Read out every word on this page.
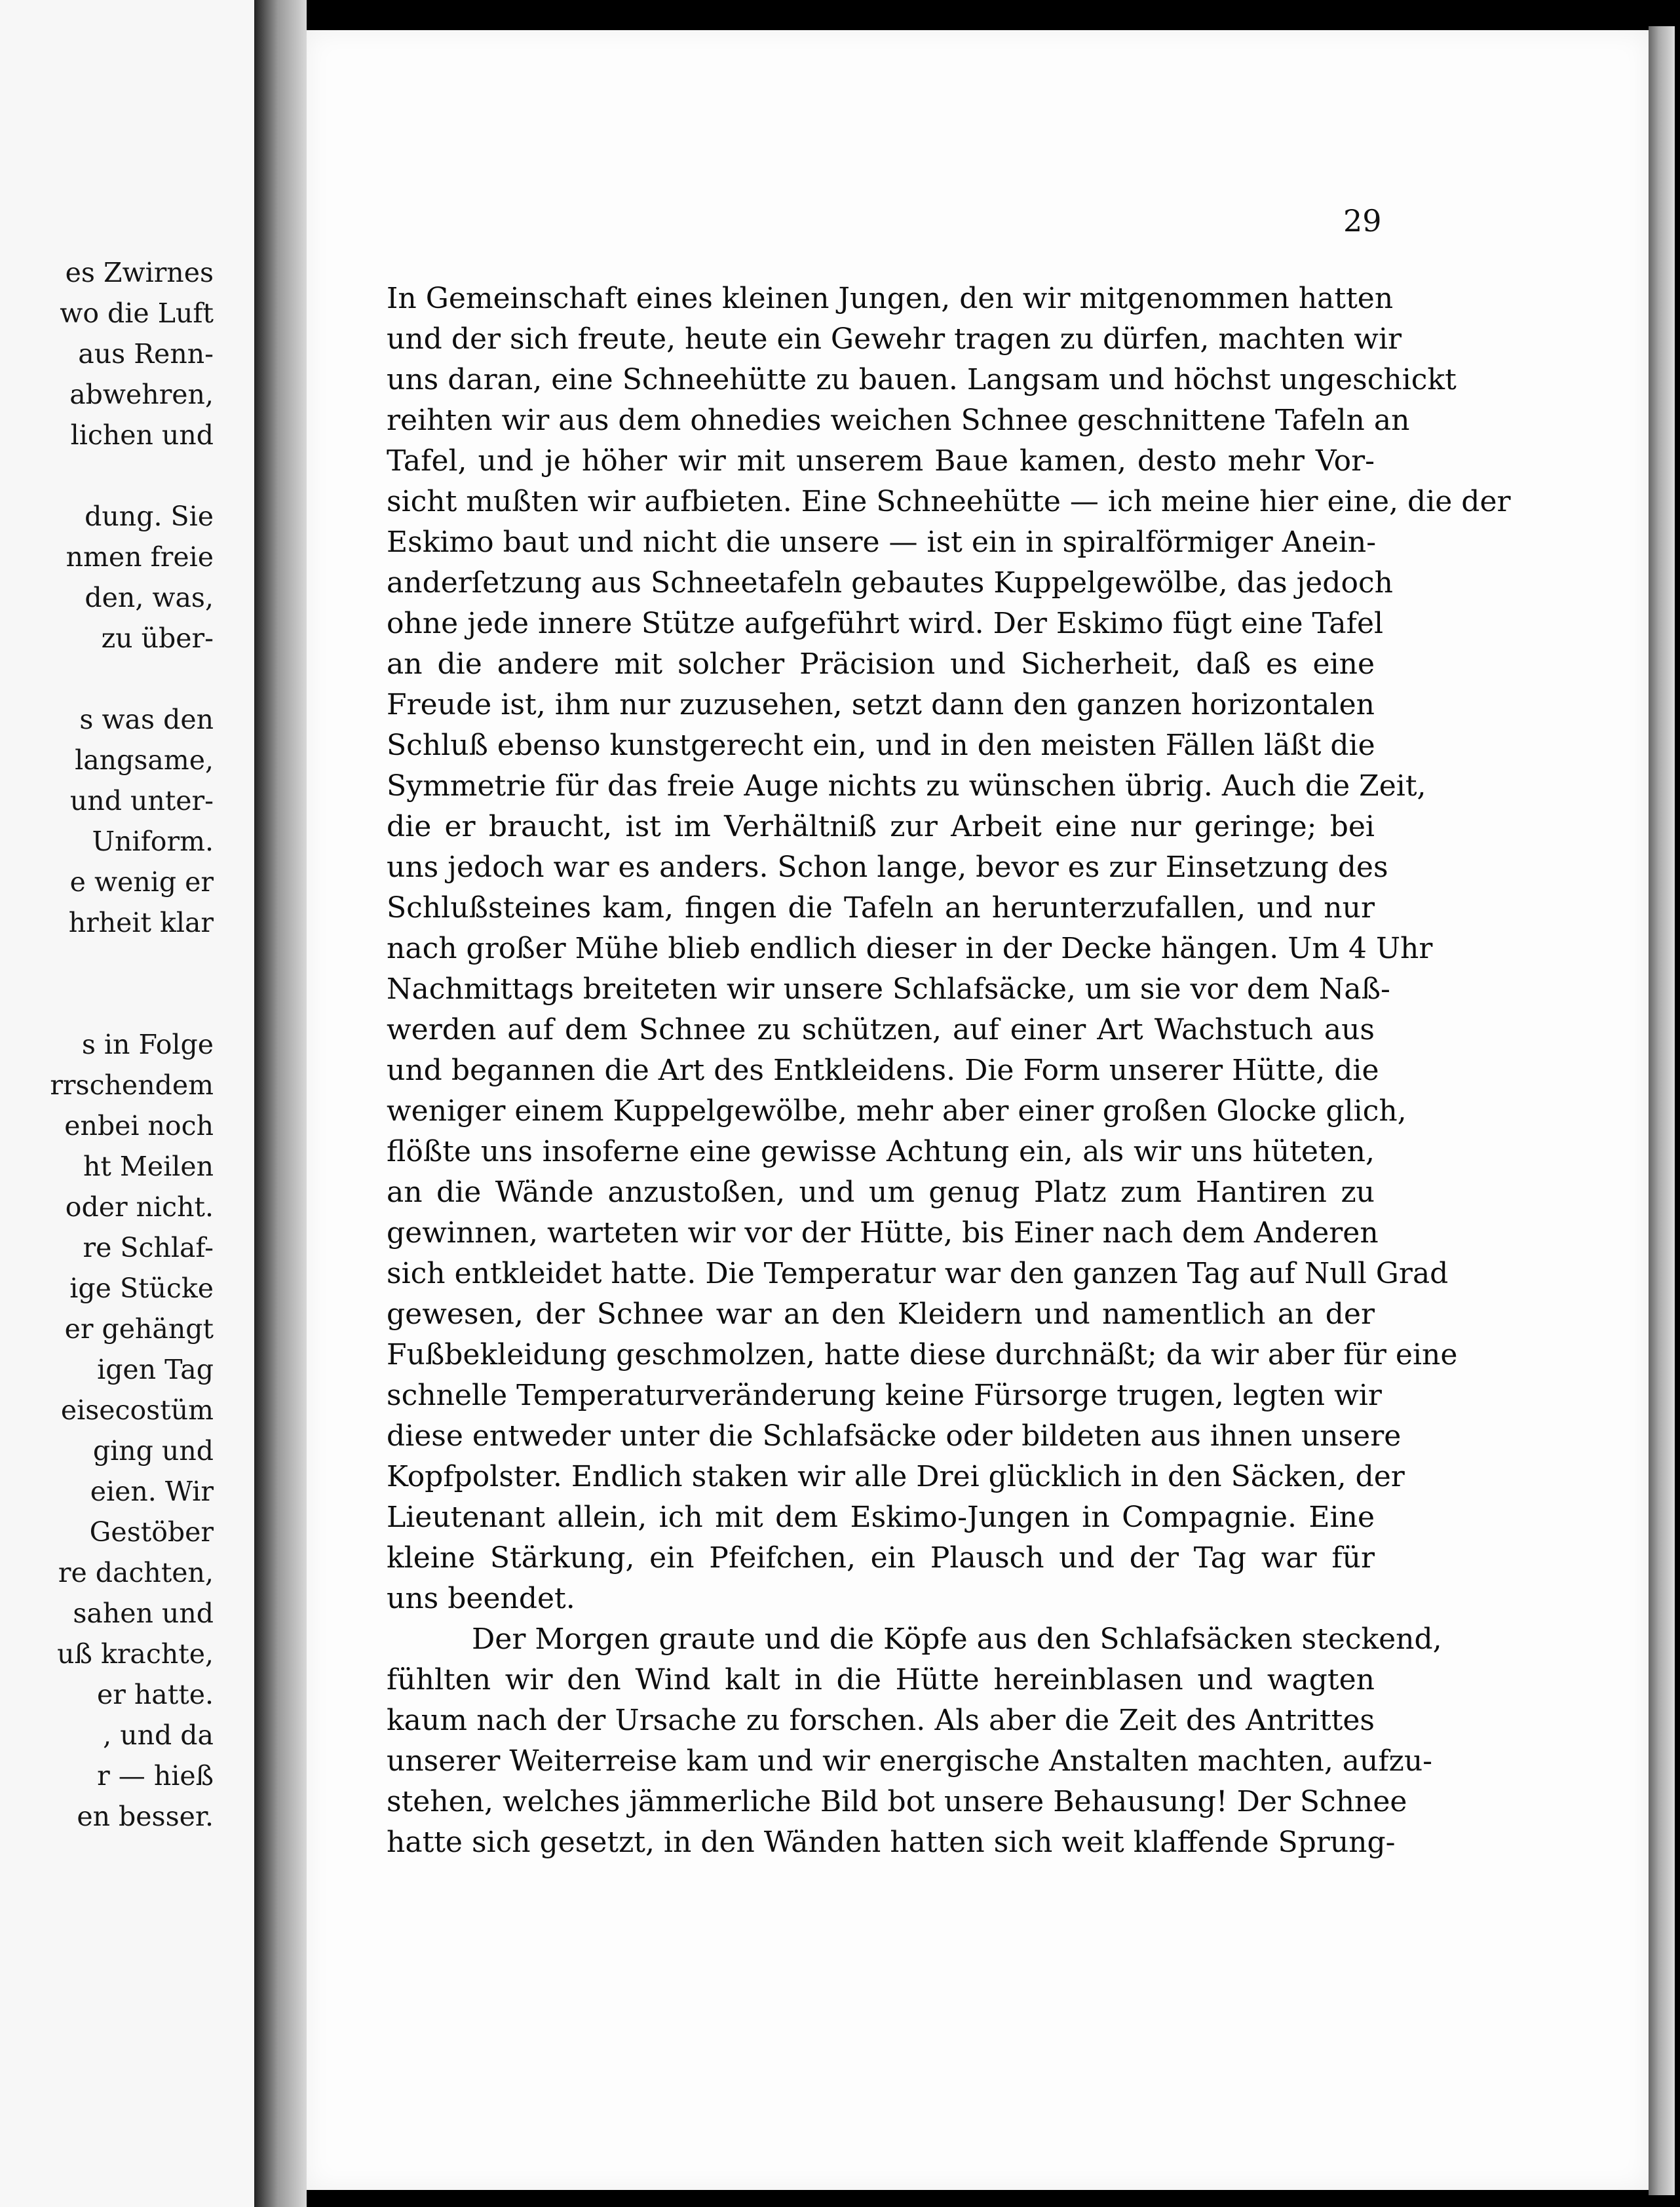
es Zwirnes
wo die Luft
aus Renn-
abwehren,
lichen und
dung. Sie
nmen freie
den, was,
zu über-
s was den
langsame,
und unter-
Uniform.
e wenig er
hrheit klar
s in Folge
rrschendem
enbei noch
ht Meilen
oder nicht.
re Schlaf-
ige Stücke
er gehängt
igen Tag
eisecostüm
ging und
eien. Wir
Gestöber
re dachten,
sahen und
uß krachte,
er hatte.
, und da
r — hieß
en besser.
29
In Gemeinschaft eines kleinen Jungen, den wir mitgenommen hatten
und der sich freute, heute ein Gewehr tragen zu dürfen, machten wir
uns daran, eine Schneehütte zu bauen. Langsam und höchst ungeschickt
reihten wir aus dem ohnedies weichen Schnee geschnittene Tafeln an
Tafel, und je höher wir mit unserem Baue kamen, desto mehr Vor-
sicht mußten wir aufbieten. Eine Schneehütte — ich meine hier eine, die der
Eskimo baut und nicht die unsere — ist ein in spiralförmiger Anein-
anderſetzung aus Schneetafeln gebautes Kuppelgewölbe, das jedoch
ohne jede innere Stütze aufgeführt wird. Der Eskimo fügt eine Tafel
an die andere mit solcher Präcision und Sicherheit, daß es eine
Freude ist, ihm nur zuzusehen, setzt dann den ganzen horizontalen
Schluß ebenso kunstgerecht ein, und in den meisten Fällen läßt die
Symmetrie für das freie Auge nichts zu wünschen übrig. Auch die Zeit,
die er braucht, ist im Verhältniß zur Arbeit eine nur geringe; bei
uns jedoch war es anders. Schon lange, bevor es zur Einsetzung des
Schlußsteines kam, fingen die Tafeln an herunterzufallen, und nur
nach großer Mühe blieb endlich dieser in der Decke hängen. Um 4 Uhr
Nachmittags breiteten wir unsere Schlafsäcke, um sie vor dem Naß-
werden auf dem Schnee zu schützen, auf einer Art Wachstuch aus
und begannen die Art des Entkleidens. Die Form unserer Hütte, die
weniger einem Kuppelgewölbe, mehr aber einer großen Glocke glich,
flößte uns insoferne eine gewisse Achtung ein, als wir uns hüteten,
an die Wände anzustoßen, und um genug Platz zum Hantiren zu
gewinnen, warteten wir vor der Hütte, bis Einer nach dem Anderen
sich entkleidet hatte. Die Temperatur war den ganzen Tag auf Null Grad
gewesen, der Schnee war an den Kleidern und namentlich an der
Fußbekleidung geschmolzen, hatte diese durchnäßt; da wir aber für eine
schnelle Temperaturveränderung keine Fürsorge trugen, legten wir
diese entweder unter die Schlafsäcke oder bildeten aus ihnen unsere
Kopfpolster. Endlich staken wir alle Drei glücklich in den Säcken, der
Lieutenant allein, ich mit dem Eskimo-Jungen in Compagnie. Eine
kleine Stärkung, ein Pfeifchen, ein Plausch und der Tag war für
uns beendet.
Der Morgen graute und die Köpfe aus den Schlafsäcken steckend,
fühlten wir den Wind kalt in die Hütte hereinblasen und wagten
kaum nach der Ursache zu forschen. Als aber die Zeit des Antrittes
unserer Weiterreise kam und wir energische Anstalten machten, aufzu-
stehen, welches jämmerliche Bild bot unsere Behausung! Der Schnee
hatte sich gesetzt, in den Wänden hatten sich weit klaffende Sprung-
